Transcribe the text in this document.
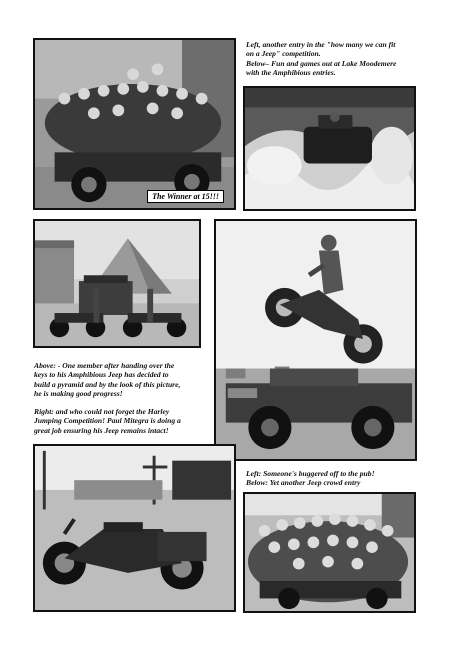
The Winner at 15!!!

Left, another entry in the "how many we can fit

on a Jeep" competition.

Below– Fun and games out at Lake Moodemere

with the Amphibious entries.

Above: - One member after handing over the

keys to his Amphibious Jeep has decided to

build a pyramid and by the look of this picture,

he is making good progress!

Right: and who could not forget the Harley

Jumping Competition! Paul Mitegra is doing a

great job ensuring his Jeep remains intact!

Left: Someone's buggered off to the pub!

Below: Yet another Jeep crowd entry
